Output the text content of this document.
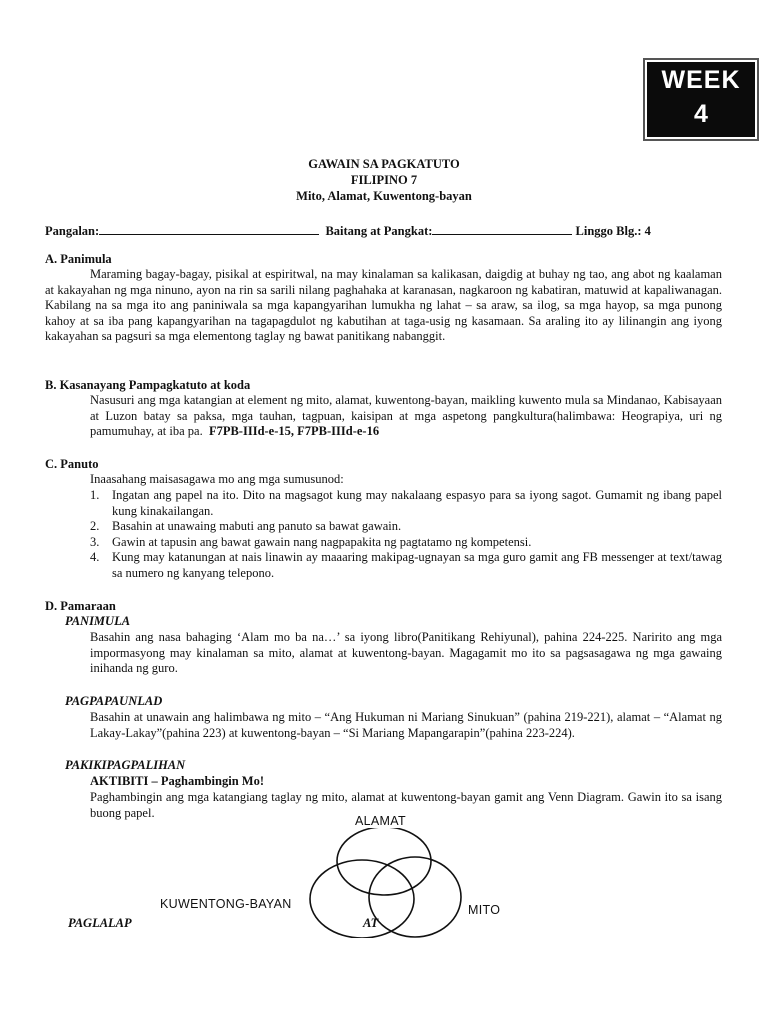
WEEK
4
GAWAIN SA PAGKATUTO
FILIPINO 7
Mito, Alamat, Kuwentong-bayan
Pangalan:	Baitang at Pangkat:	Linggo Blg.: 4
A. Panimula
Maraming bagay-bagay, pisikal at espiritwal, na may kinalaman sa kalikasan, daigdig at buhay ng tao, ang abot ng kaalaman at kakayahan ng mga ninuno, ayon na rin sa sarili nilang paghahaka at karanasan, nagkaroon ng kabatiran, matuwid at kapaliwanagan. Kabilang na sa mga ito ang paniniwala sa mga kapangyarihan lumukha ng lahat – sa araw, sa ilog, sa mga hayop, sa mga punong kahoy at sa iba pang kapangyarihan na tagapagdulot ng kabutihan at taga-usig ng kasamaan. Sa araling ito ay lilinangin ang iyong kakayahan sa pagsuri sa mga elementong taglay ng bawat panitikang nabanggit.
B. Kasanayang Pampagkatuto at koda
Nasusuri ang mga katangian at element ng mito, alamat, kuwentong-bayan, maikling kuwento mula sa Mindanao, Kabisayaan at Luzon batay sa paksa, mga tauhan, tagpuan, kaisipan at mga aspetong pangkultura(halimbawa: Heograpiya, uri ng pamumuhay, at iba pa. F7PB-IIId-e-15, F7PB-IIId-e-16
C. Panuto
Inaasahang maisasagawa mo ang mga sumusunod:
1. Ingatan ang papel na ito. Dito na magsagot kung may nakalaang espasyo para sa iyong sagot. Gumamit ng ibang papel kung kinakailangan.
2. Basahin at unawaing mabuti ang panuto sa bawat gawain.
3. Gawin at tapusin ang bawat gawain nang nagpapakita ng pagtatamo ng kompetensi.
4. Kung may katanungan at nais linawin ay maaaring makipag-ugnayan sa mga guro gamit ang FB messenger at text/tawag sa numero ng kanyang telepono.
D. Pamaraan
PANIMULA
Basahin ang nasa bahaging ‘Alam mo ba na…’ sa iyong libro(Panitikang Rehiyunal), pahina 224-225. Naririto ang mga impormasyong may kinalaman sa mito, alamat at kuwentong-bayan. Magagamit mo ito sa pagsasagawa ng mga gawaing inihanda ng guro.
PAGPAPAUNLAD
Basahin at unawain ang halimbawa ng mito – “Ang Hukuman ni Mariang Sinukuan” (pahina 219-221), alamat – “Alamat ng Lakay-Lakay”(pahina 223) at kuwentong-bayan – “Si Mariang Mapangarapin”(pahina 223-224).
PAKIKIPAGPALIHAN
AKTIBITI – Paghambingin Mo!
Paghambingin ang mga katangiang taglay ng mito, alamat at kuwentong-bayan gamit ang Venn Diagram. Gawin ito sa isang buong papel.
ALAMAT
KUWENTONG-BAYAN	MITO
PAGLALAP	AT
